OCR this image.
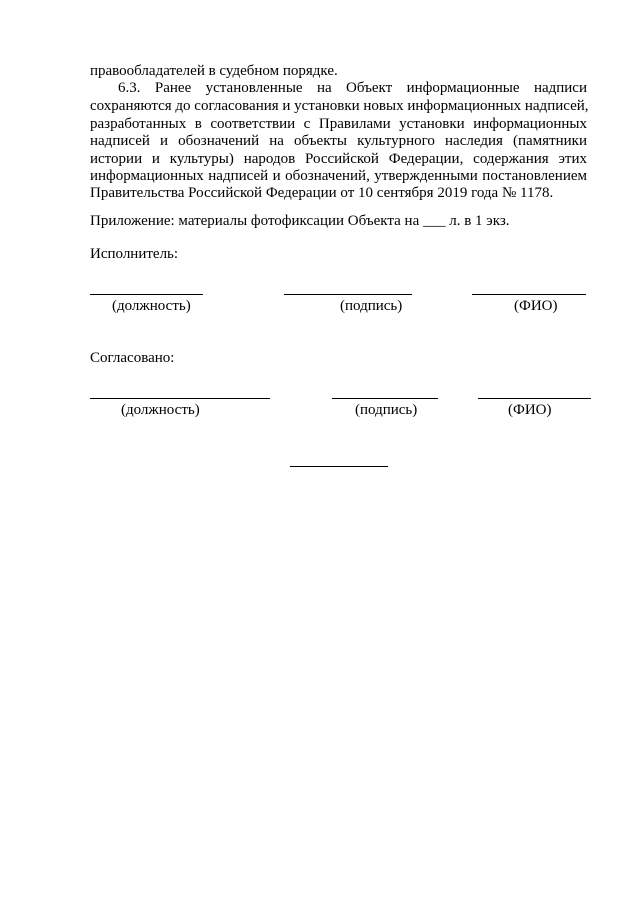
правообладателей в судебном порядке.
6.3. Ранее установленные на Объект информационные надписи
сохраняются до согласования и установки новых информационных надписей,
разработанных в соответствии с Правилами установки информационных
надписей и обозначений на объекты культурного наследия (памятники
истории и культуры) народов Российской Федерации, содержания этих
информационных надписей и обозначений, утвержденными постановлением
Правительства Российской Федерации от 10 сентября 2019 года № 1178.
Приложение: материалы фотофиксации Объекта на ___ л. в 1 экз.
Исполнитель:
(должность)	(подпись)	(ФИО)
Согласовано:
(должность)	(подпись)	(ФИО)
